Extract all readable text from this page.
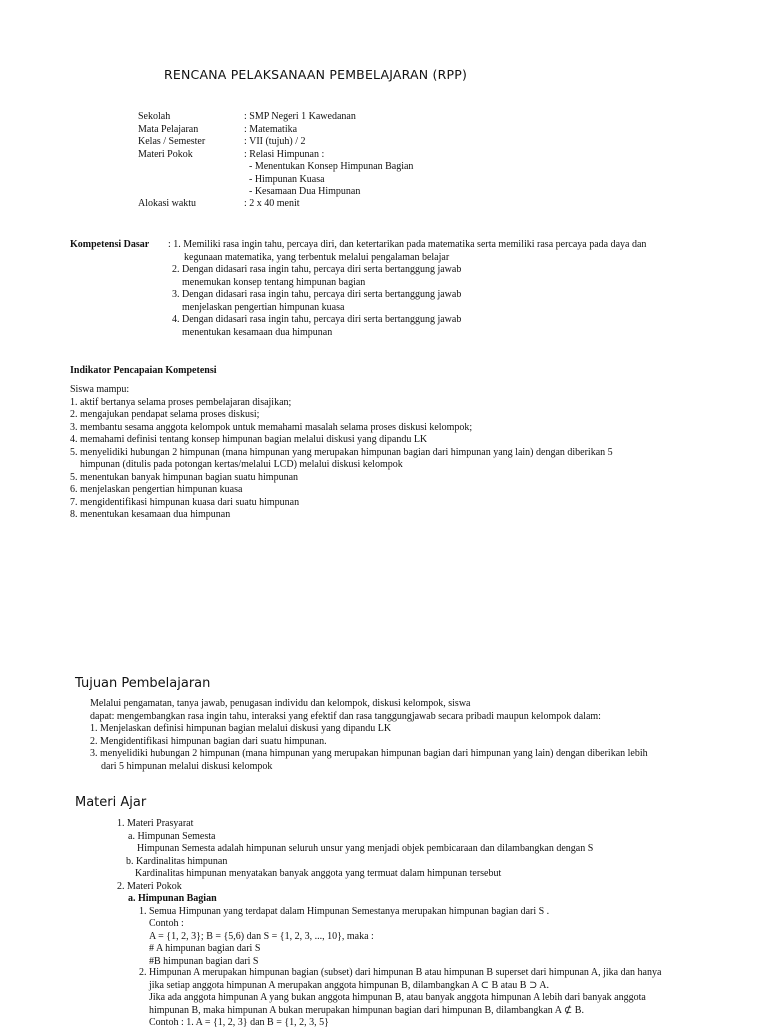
RENCANA PELAKSANAAN PEMBELAJARAN (RPP)
Sekolah	: SMP Negeri 1 Kawedanan
Mata Pelajaran	: Matematika
Kelas / Semester	: VII (tujuh) / 2
Materi Pokok	: Relasi Himpunan :
- Menentukan Konsep Himpunan Bagian
- Himpunan Kuasa
- Kesamaan Dua Himpunan
Alokasi waktu	: 2 x 40 menit
Kompetensi Dasar : 1. Memiliki rasa ingin tahu, percaya diri, dan ketertarikan pada matematika serta memiliki rasa percaya pada daya dan
kegunaan matematika, yang terbentuk melalui pengalaman belajar
2. Dengan didasari rasa ingin tahu, percaya diri serta bertanggung jawab
menemukan konsep tentang himpunan bagian
3. Dengan didasari rasa ingin tahu, percaya diri serta bertanggung jawab
menjelaskan pengertian himpunan kuasa
4. Dengan didasari rasa ingin tahu, percaya diri serta bertanggung jawab
menentukan kesamaan dua himpunan
Indikator Pencapaian Kompetensi
Siswa mampu:
1. aktif bertanya selama proses pembelajaran disajikan;
2. mengajukan pendapat selama proses diskusi;
3. membantu sesama anggota kelompok untuk memahami masalah selama proses diskusi kelompok;
4. memahami definisi tentang konsep himpunan bagian melalui diskusi yang dipandu LK
5. menyelidiki hubungan 2 himpunan (mana himpunan yang merupakan himpunan bagian dari himpunan yang lain) dengan diberikan 5
himpunan (ditulis pada potongan kertas/melalui LCD) melalui diskusi kelompok
5. menentukan banyak himpunan bagian suatu himpunan
6. menjelaskan pengertian himpunan kuasa
7. mengidentifikasi himpunan kuasa dari suatu himpunan
8. menentukan kesamaan dua himpunan
Tujuan Pembelajaran
Melalui pengamatan, tanya jawab, penugasan individu dan kelompok, diskusi kelompok, siswa
dapat: mengembangkan rasa ingin tahu, interaksi yang efektif dan rasa tanggungjawab secara pribadi maupun kelompok dalam:
1. Menjelaskan definisi himpunan bagian melalui diskusi yang dipandu LK
2. Mengidentifikasi himpunan bagian dari suatu himpunan.
3. menyelidiki hubungan 2 himpunan (mana himpunan yang merupakan himpunan bagian dari himpunan yang lain) dengan diberikan lebih
dari 5 himpunan melalui diskusi kelompok
Materi Ajar
1. Materi Prasyarat
a. Himpunan Semesta
Himpunan Semesta adalah himpunan seluruh unsur yang menjadi objek pembicaraan dan dilambangkan dengan S
b. Kardinalitas himpunan
Kardinalitas himpunan menyatakan banyak anggota yang termuat dalam himpunan tersebut
2. Materi Pokok
a. Himpunan Bagian
1. Semua Himpunan yang terdapat dalam Himpunan Semestanya merupakan himpunan bagian dari S .
Contoh :
A = {1, 2, 3}; B = {5,6) dan S = {1, 2, 3, ..., 10}, maka :
# A himpunan bagian dari S
#B himpunan bagian dari S
2. Himpunan A merupakan himpunan bagian (subset) dari himpunan B atau himpunan B superset dari himpunan A, jika dan hanya
jika setiap anggota himpunan A merupakan anggota himpunan B, dilambangkan A ⊂ B atau B ⊃ A.
Jika ada anggota himpunan A yang bukan anggota himpunan B, atau banyak anggota himpunan A lebih dari banyak anggota
himpunan B, maka himpunan A bukan merupakan himpunan bagian dari himpunan B, dilambangkan A ⊄ B.
Contoh : 1. A = {1, 2, 3} dan B = {1, 2, 3, 5}
